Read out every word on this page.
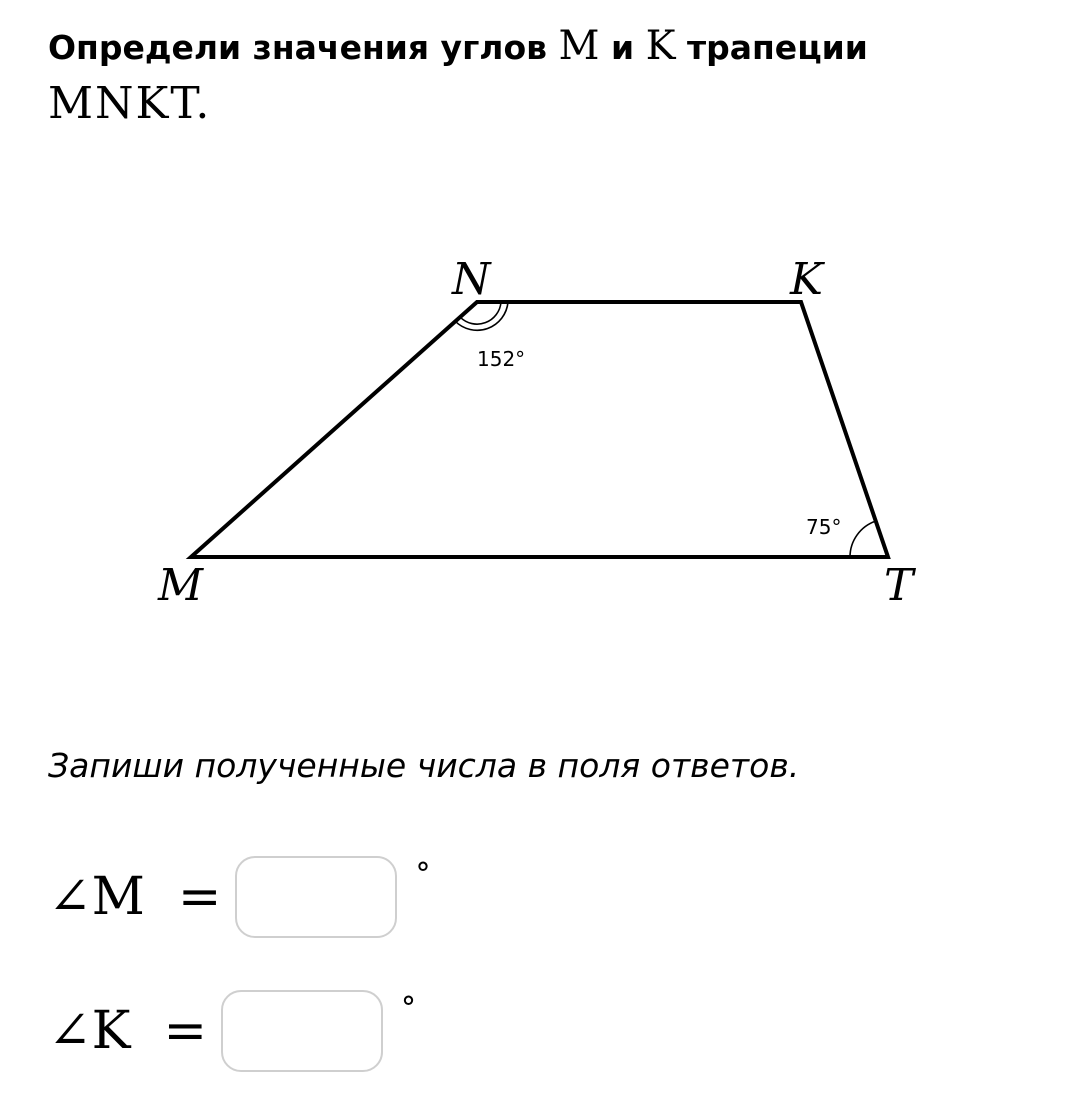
Определи значения углов M и K трапеции
MNKT.
N	K
M	T
152°
75°

Запиши полученные числа в поля ответов.

∠M  =	°
∠K  =	°
